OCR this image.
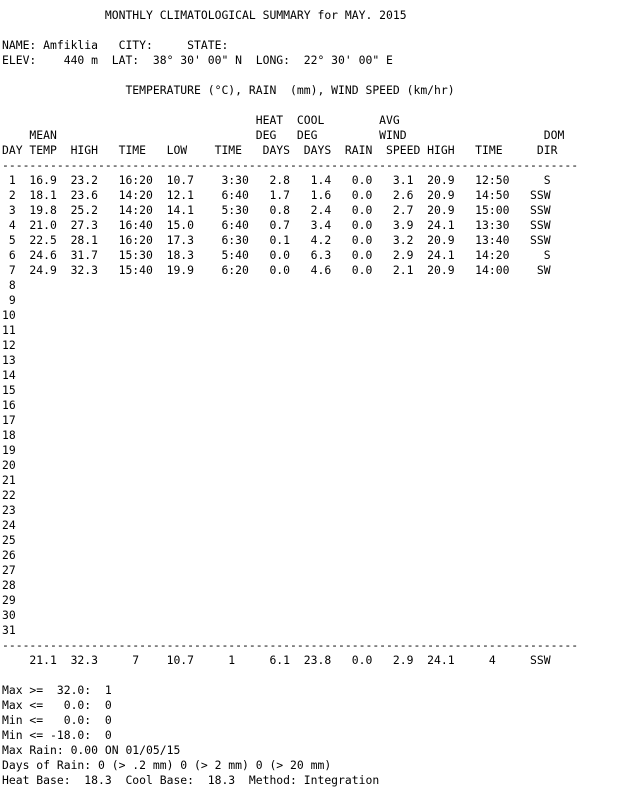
MONTHLY CLIMATOLOGICAL SUMMARY for MAY. 2015
NAME: Amfiklia   CITY:     STATE:
ELEV:    440 m  LAT:  38° 30' 00" N  LONG:  22° 30' 00" E
TEMPERATURE (°C), RAIN  (mm), WIND SPEED (km/hr)
HEAT  COOL        AVG
MEAN                             DEG   DEG         WIND                    DOM
DAY TEMP  HIGH   TIME   LOW    TIME   DAYS  DAYS  RAIN  SPEED HIGH   TIME     DIR
------------------------------------------------------------------------------------
1  16.9  23.2   16:20  10.7    3:30   2.8   1.4   0.0   3.1  20.9   12:50     S
2  18.1  23.6   14:20  12.1    6:40   1.7   1.6   0.0   2.6  20.9   14:50   SSW
3  19.8  25.2   14:20  14.1    5:30   0.8   2.4   0.0   2.7  20.9   15:00   SSW
4  21.0  27.3   16:40  15.0    6:40   0.7   3.4   0.0   3.9  24.1   13:30   SSW
5  22.5  28.1   16:20  17.3    6:30   0.1   4.2   0.0   3.2  20.9   13:40   SSW
6  24.6  31.7   15:30  18.3    5:40   0.0   6.3   0.0   2.9  24.1   14:20     S
7  24.9  32.3   15:40  19.9    6:20   0.0   4.6   0.0   2.1  20.9   14:00    SW
8
9
10
11
12
13
14
15
16
17
18
19
20
21
22
23
24
25
26
27
28
29
30
31
------------------------------------------------------------------------------------
21.1  32.3     7    10.7     1     6.1  23.8   0.0   2.9  24.1     4     SSW
Max >=  32.0:  1
Max <=   0.0:  0
Min <=   0.0:  0
Min <= -18.0:  0
Max Rain: 0.00 ON 01/05/15
Days of Rain: 0 (> .2 mm) 0 (> 2 mm) 0 (> 20 mm)
Heat Base:  18.3  Cool Base:  18.3  Method: Integration
